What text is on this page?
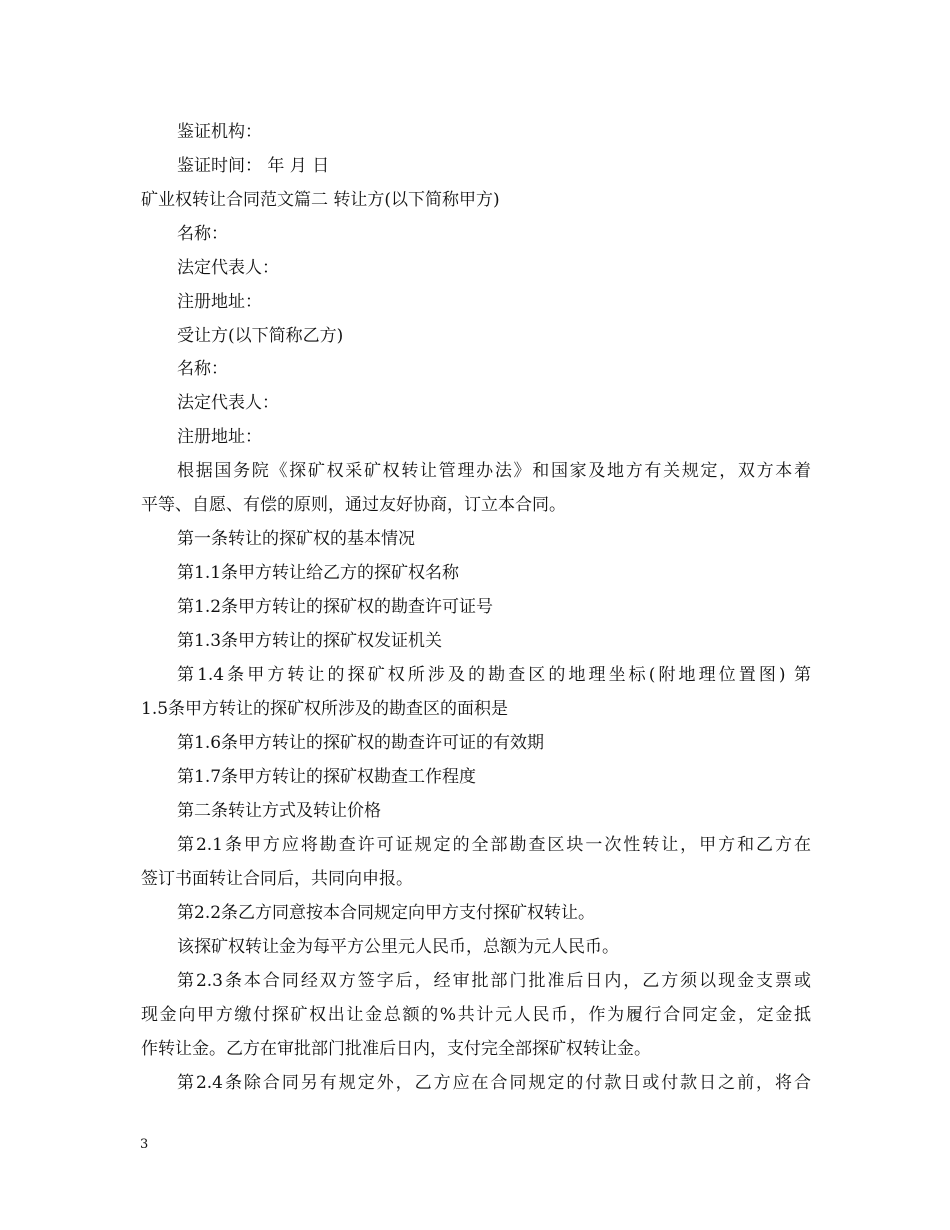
鉴证机构：
鉴证时间： 年 月 日
矿业权转让合同范文篇二 转让方(以下简称甲方)
名称：
法定代表人：
注册地址：
受让方(以下简称乙方)
名称：
法定代表人：
注册地址：
根据国务院《探矿权采矿权转让管理办法》和国家及地方有关规定，双方本着
平等、自愿、有偿的原则，通过友好协商，订立本合同。
第一条转让的探矿权的基本情况
第1.1条甲方转让给乙方的探矿权名称
第1.2条甲方转让的探矿权的勘查许可证号
第1.3条甲方转让的探矿权发证机关
第1.4条甲方转让的探矿权所涉及的勘查区的地理坐标(附地理位置图) 第
1.5条甲方转让的探矿权所涉及的勘查区的面积是
第1.6条甲方转让的探矿权的勘查许可证的有效期
第1.7条甲方转让的探矿权勘查工作程度
第二条转让方式及转让价格
第2.1条甲方应将勘查许可证规定的全部勘查区块一次性转让，甲方和乙方在
签订书面转让合同后，共同向申报。
第2.2条乙方同意按本合同规定向甲方支付探矿权转让。
该探矿权转让金为每平方公里元人民币，总额为元人民币。
第2.3条本合同经双方签字后，经审批部门批准后日内，乙方须以现金支票或
现金向甲方缴付探矿权出让金总额的%共计元人民币，作为履行合同定金，定金抵
作转让金。乙方在审批部门批准后日内，支付完全部探矿权转让金。
第2.4条除合同另有规定外，乙方应在合同规定的付款日或付款日之前，将合
3
